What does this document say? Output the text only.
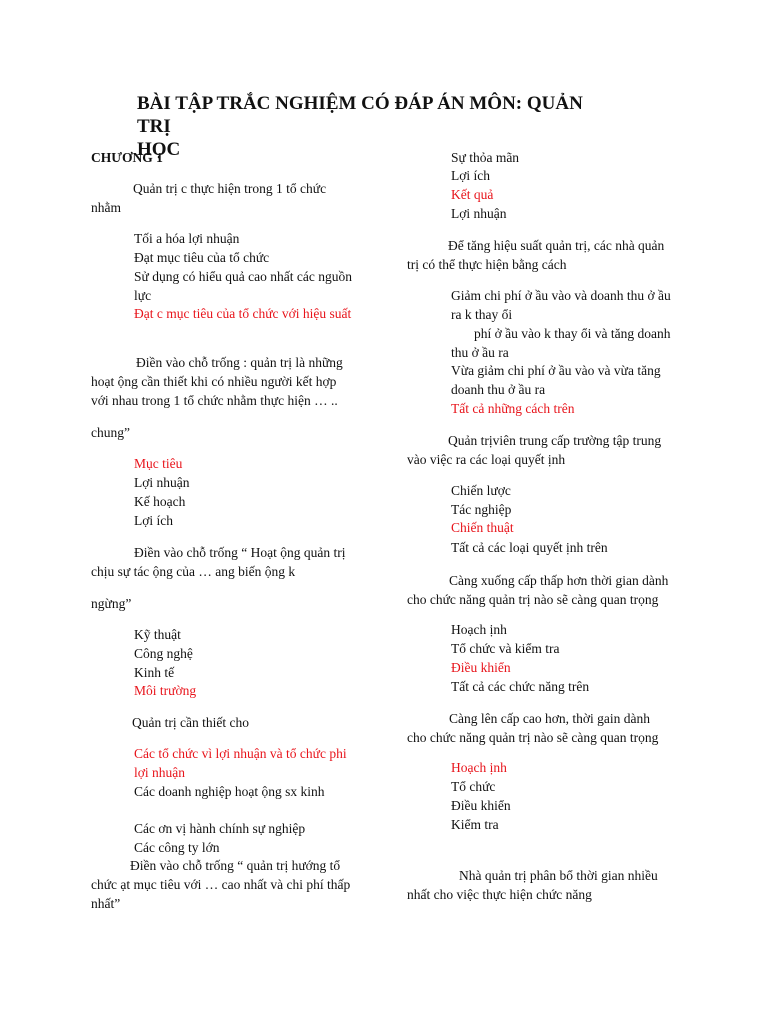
BÀI TẬP TRẮC NGHIỆM CÓ ĐÁP ÁN MÔN: QUẢN TRỊ
HỌC
CHƯƠNG 1
Quản trị c thực hiện trong 1 tổ chức
nhằm
Tối a hóa lợi nhuận
Đạt mục tiêu của tổ chức
Sử dụng có hiểu quả cao nhất các nguồn
lực
Đạt c mục tiêu của tổ chức với hiệu suất
Điền vào chỗ trống : quản trị là những
hoạt ộng cần thiết khi có nhiều người kết hợp
với nhau trong 1 tổ chức nhằm thực hiện … ..
chung”
Mục tiêu
Lợi nhuận
Kế hoạch
Lợi ích
Điền vào chỗ trống “ Hoạt ộng quản trị
chịu sự tác ộng của … ang biến ộng k
ngừng”
Kỹ thuật
Công nghệ
Kinh tế
Môi trường
Quản trị cần thiết cho
Các tổ chức vì lợi nhuận và tổ chức phi
lợi nhuận
Các doanh nghiệp hoạt ộng sx kinh
Các ơn vị hành chính sự nghiệp
Các công ty lớn
Điền vào chỗ trống “ quản trị hướng tổ
chức ạt mục tiêu với … cao nhất và chi phí thấp
nhất”
Sự thỏa mãn
Lợi ích
Kết quả
Lợi nhuận
Để tăng hiệu suất quản trị, các nhà quản
trị có thể thực hiện bằng cách
Giảm chi phí ở ầu vào và doanh thu ở ầu
ra k thay ổi
phí ở ầu vào k thay ổi và tăng doanh
thu ở ầu ra
Vừa giảm chi phí ở ầu vào và vừa tăng
doanh thu ở ầu ra
Tất cả những cách trên
Quản trịviên trung cấp trường tập trung
vào việc ra các loại quyết ịnh
Chiến lược
Tác nghiệp
Chiến thuật
Tất cả các loại quyết ịnh trên
Càng xuống cấp thấp hơn thời gian dành
cho chức năng quản trị nào sẽ càng quan trọng
Hoạch ịnh
Tổ chức và kiểm tra
Điều khiển
Tất cả các chức năng trên
Càng lên cấp cao hơn, thời gain dành
cho chức năng quản trị nào sẽ càng quan trọng
Hoạch ịnh
Tổ chức
Điều khiển
Kiểm tra
Nhà quản trị phân bổ thời gian nhiều
nhất cho việc thực hiện chức năng
